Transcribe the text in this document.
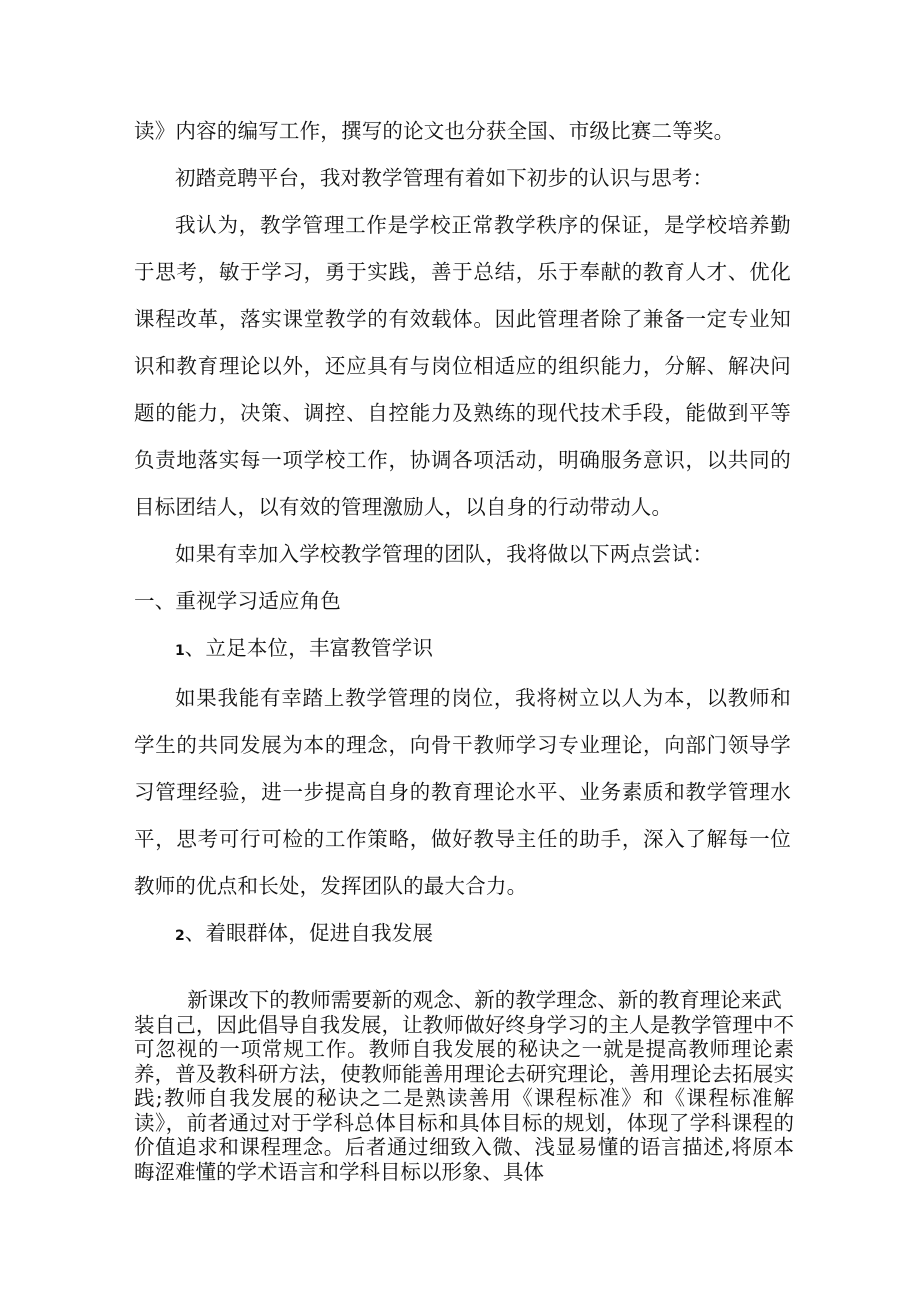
读》内容的编写工作，撰写的论文也分获全国、市级比赛二等奖。

初踏竞聘平台，我对教学管理有着如下初步的认识与思考：

我认为，教学管理工作是学校正常教学秩序的保证，是学校培养勤于思考，敏于学习，勇于实践，善于总结，乐于奉献的教育人才、优化课程改革，落实课堂教学的有效载体。因此管理者除了兼备一定专业知识和教育理论以外，还应具有与岗位相适应的组织能力，分解、解决问题的能力，决策、调控、自控能力及熟练的现代技术手段，能做到平等负责地落实每一项学校工作，协调各项活动，明确服务意识，以共同的目标团结人，以有效的管理激励人，以自身的行动带动人。

如果有幸加入学校教学管理的团队，我将做以下两点尝试：

一、重视学习适应角色

1、立足本位，丰富教管学识

如果我能有幸踏上教学管理的岗位，我将树立以人为本，以教师和学生的共同发展为本的理念，向骨干教师学习专业理论，向部门领导学习管理经验，进一步提高自身的教育理论水平、业务素质和教学管理水平，思考可行可检的工作策略，做好教导主任的助手，深入了解每一位教师的优点和长处，发挥团队的最大合力。

2、着眼群体，促进自我发展

新课改下的教师需要新的观念、新的教学理念、新的教育理论来武

装自己，因此倡导自我发展，让教师做好终身学习的主人是教学管理中不可忽视的一项常规工作。教师自我发展的秘诀之一就是提高教师理论素养，普及教科研方法，使教师能善用理论去研究理论，善用理论去拓展实践;教师自我发展的秘诀之二是熟读善用《课程标准》和《课程标准解读》，前者通过对于学科总体目标和具体目标的规划，体现了学科课程的价值追求和课程理念。后者通过细致入微、浅显易懂的语言描述,将原本晦涩难懂的学术语言和学科目标以形象、具体
